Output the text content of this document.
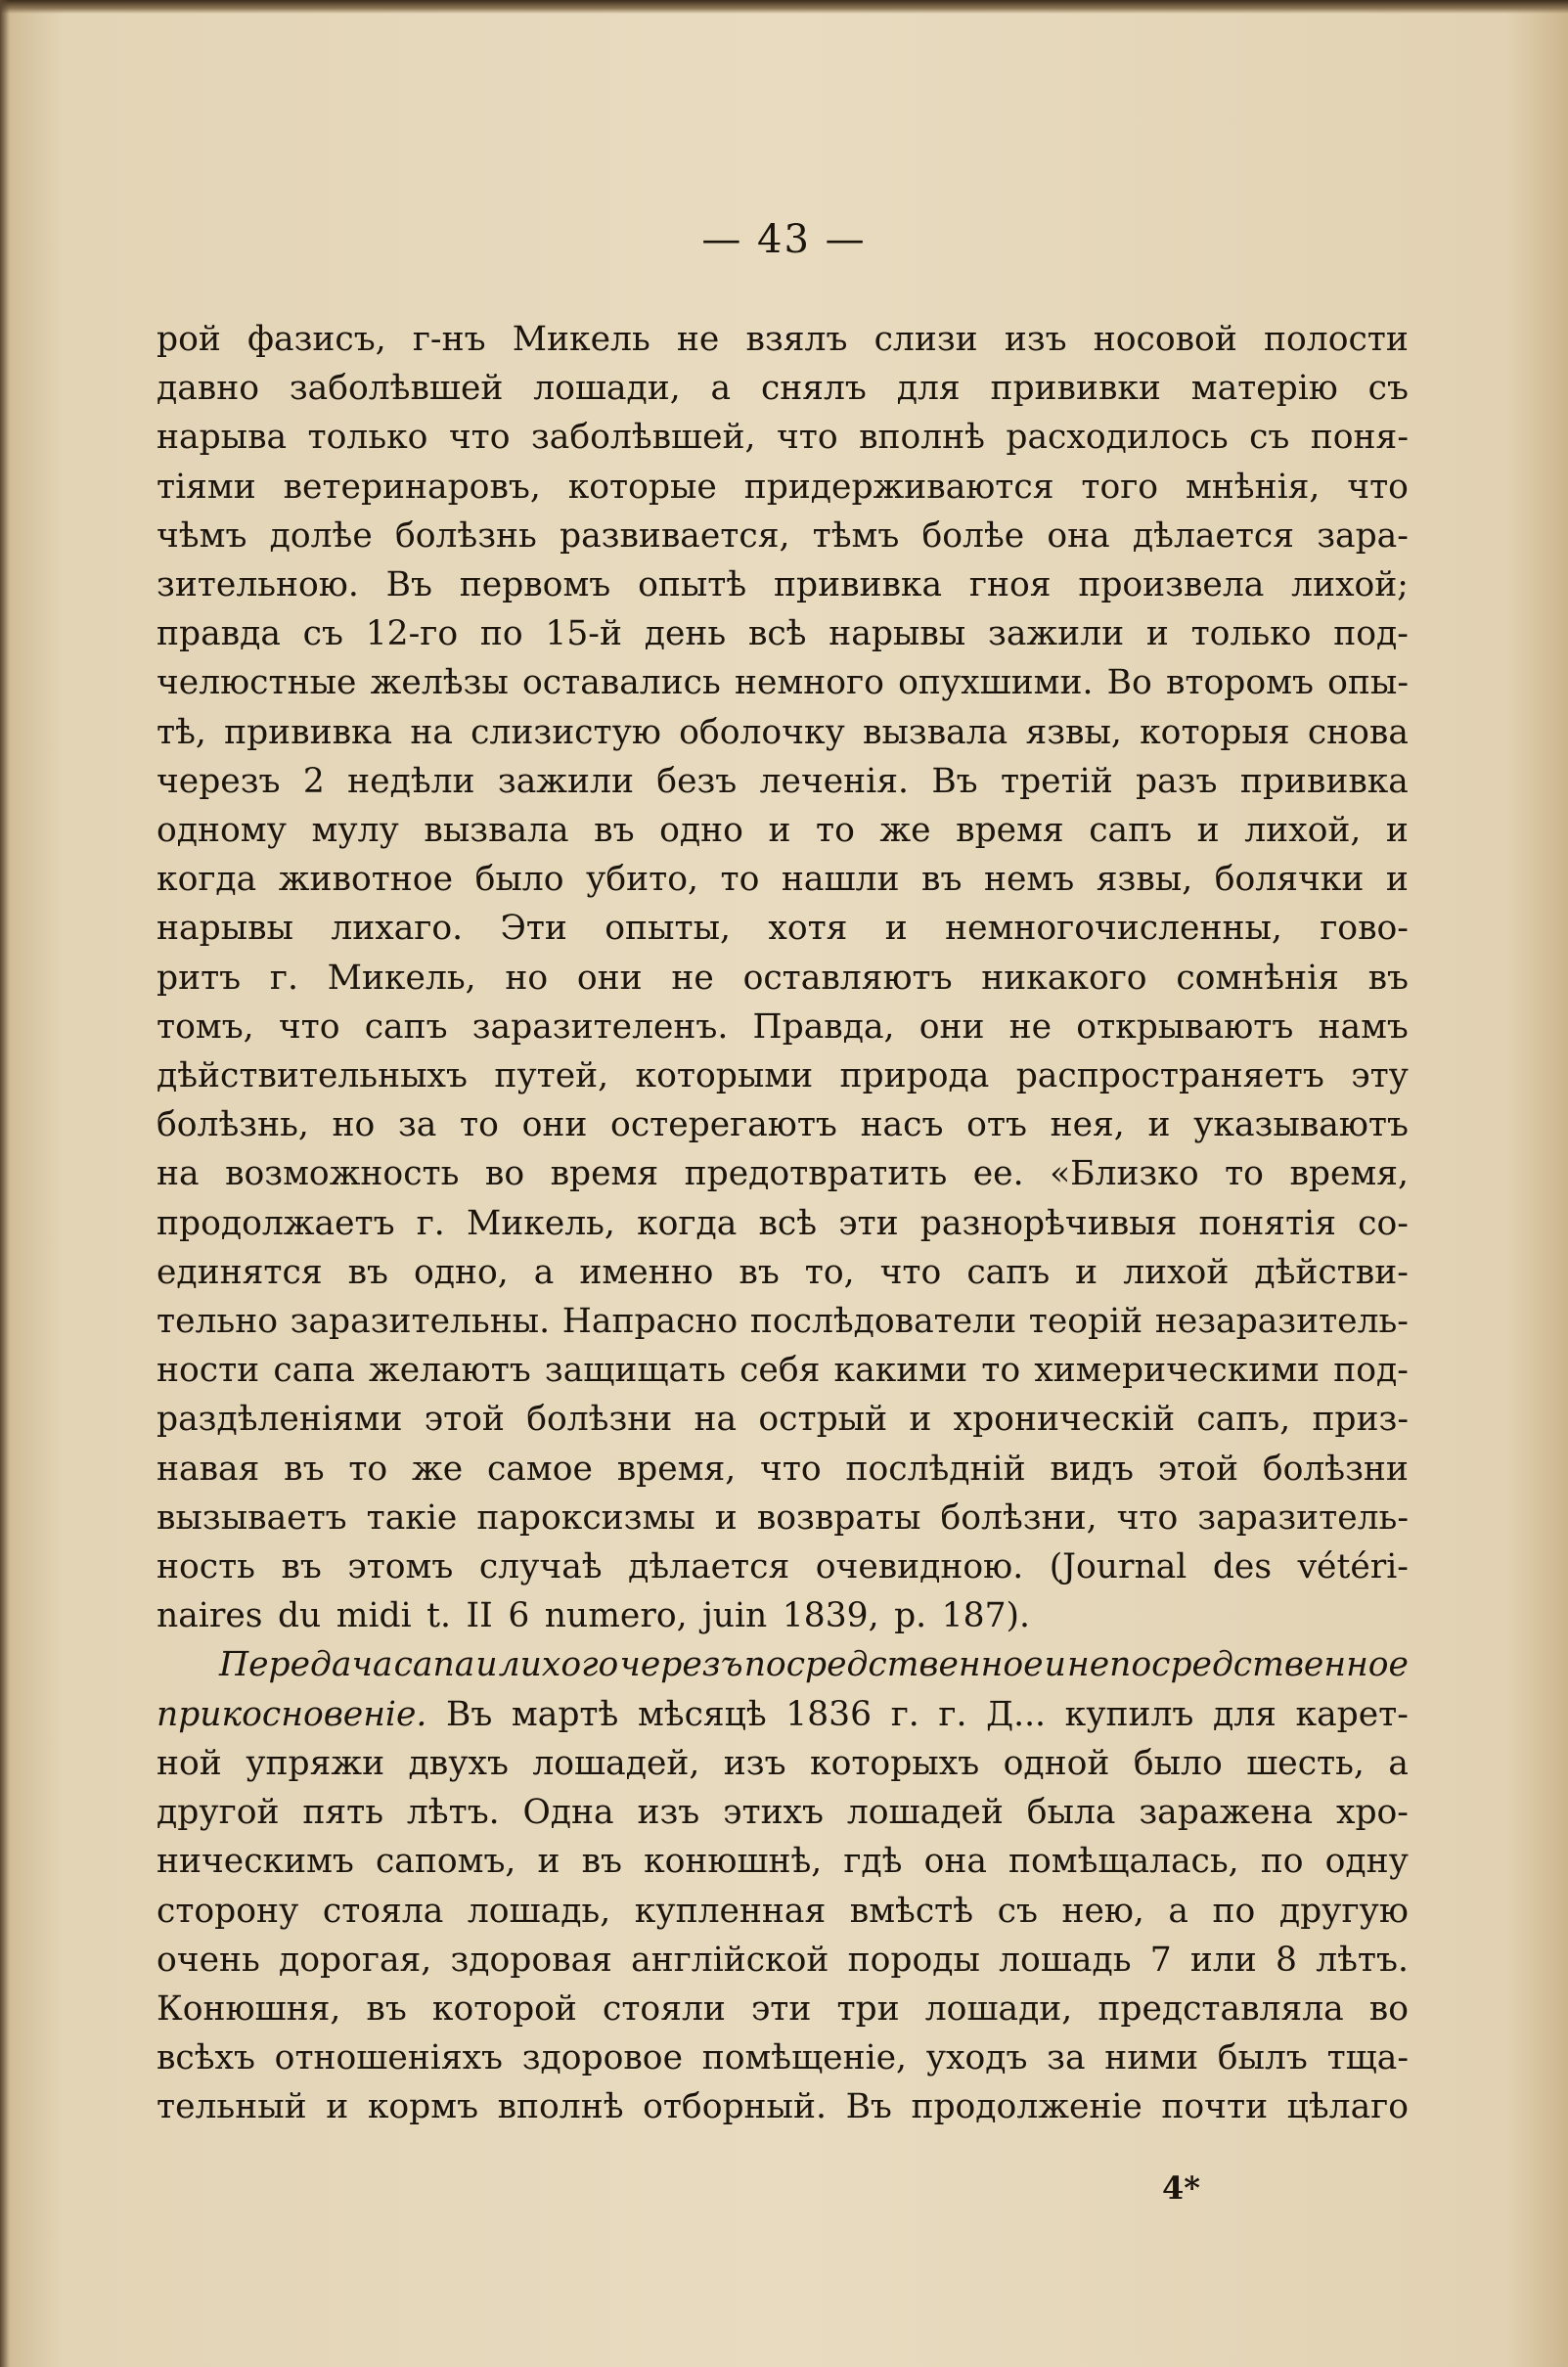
— 43 —
рой фазисъ, г-нъ Микель не взялъ слизи изъ носовой полости
давно заболѣвшей лошади, а снялъ для прививки матерію съ
нарыва только что заболѣвшей, что вполнѣ расходилось съ поня-
тіями ветеринаровъ, которые придерживаются того мнѣнія, что
чѣмъ долѣе болѣзнь развивается, тѣмъ болѣе она дѣлается зара-
зительною. Въ первомъ опытѣ прививка гноя произвела лихой;
правда съ 12-го по 15-й день всѣ нарывы зажили и только под-
челюстные желѣзы оставались немного опухшими. Во второмъ опы-
тѣ, прививка на слизистую оболочку вызвала язвы, которыя снова
черезъ 2 недѣли зажили безъ леченія. Въ третій разъ прививка
одному мулу вызвала въ одно и то же время сапъ и лихой, и
когда животное было убито, то нашли въ немъ язвы, болячки и
нарывы лихаго. Эти опыты, хотя и немногочисленны, гово-
ритъ г. Микель, но они не оставляютъ никакого сомнѣнія въ
томъ, что сапъ заразителенъ. Правда, они не открываютъ намъ
дѣйствительныхъ путей, которыми природа распространяетъ эту
болѣзнь, но за то они остерегаютъ насъ отъ нея, и указываютъ
на возможность во время предотвратить ее. «Близко то время,
продолжаетъ г. Микель, когда всѣ эти разнорѣчивыя понятія со-
единятся въ одно, а именно въ то, что сапъ и лихой дѣйстви-
тельно заразительны. Напрасно послѣдователи теорій незаразитель-
ности сапа желаютъ защищать себя какими то химерическими под-
раздѣленіями этой болѣзни на острый и хроническій сапъ, приз-
навая въ то же самое время, что послѣдній видъ этой болѣзни
вызываетъ такіе пароксизмы и возвраты болѣзни, что заразитель-
ность въ этомъ случаѣ дѣлается очевидною. (Journal des vétéri-
naires du midi t. II 6 numero, juin 1839, p. 187).
Передача сапа и лихого черезъ посредственное и непосредственное
прикосновеніе. Въ мартѣ мѣсяцѣ 1836 г. г. Д... купилъ для карет-
ной упряжи двухъ лошадей, изъ которыхъ одной было шесть, а
другой пять лѣтъ. Одна изъ этихъ лошадей была заражена хро-
ническимъ сапомъ, и въ конюшнѣ, гдѣ она помѣщалась, по одну
сторону стояла лошадь, купленная вмѣстѣ съ нею, а по другую
очень дорогая, здоровая англійской породы лошадь 7 или 8 лѣтъ.
Конюшня, въ которой стояли эти три лошади, представляла во
всѣхъ отношеніяхъ здоровое помѣщеніе, уходъ за ними былъ тща-
тельный и кормъ вполнѣ отборный. Въ продолженіе почти цѣлаго
4*
